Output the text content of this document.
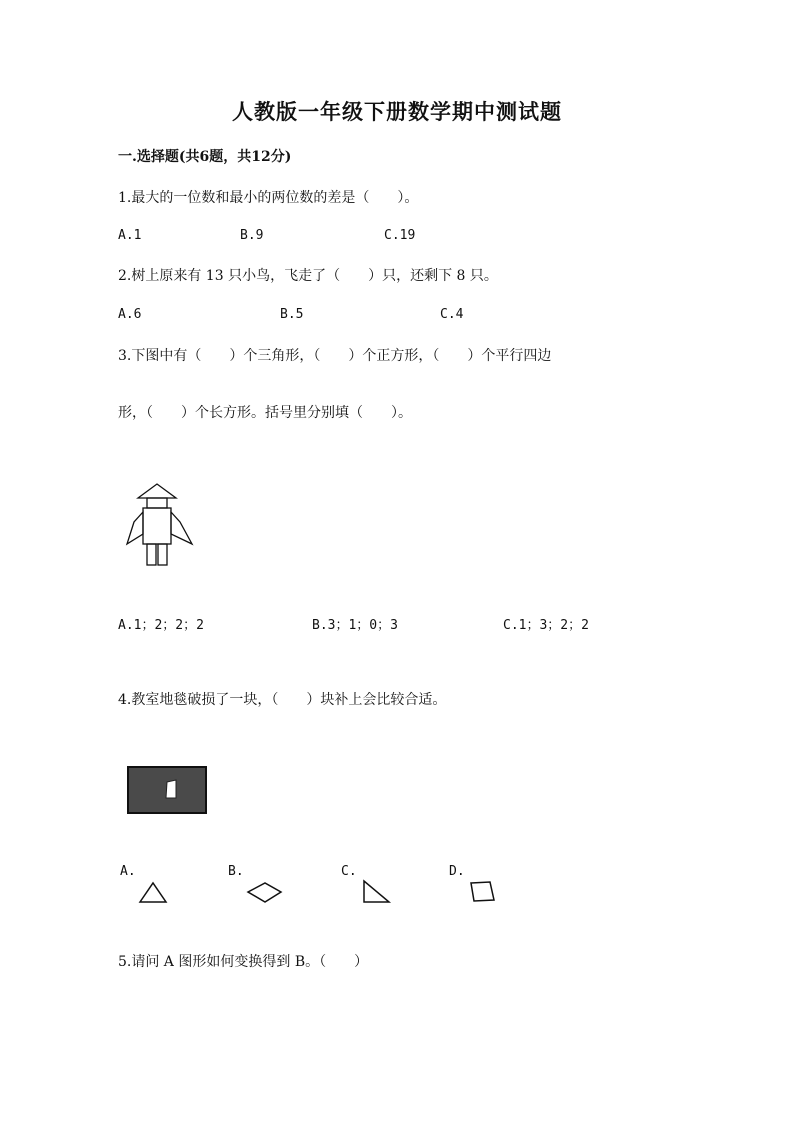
人教版一年级下册数学期中测试题
一.选择题(共6题，共12分)
1.最大的一位数和最小的两位数的差是（　　）。
A.1	B.9	C.19
2.树上原来有 13 只小鸟，飞走了（　　）只，还剩下 8 只。
A.6	B.5	C.4
3.下图中有（　　）个三角形，（　　）个正方形，（　　）个平行四边
形，（　　）个长方形。括号里分别填（　　）。
A.1；2；2；2	B.3；1；0；3	C.1；3；2；2
4.教室地毯破损了一块，（　　）块补上会比较合适。
A.	B.	C.	D.
5.请问 A 图形如何变换得到 B。（　　）
